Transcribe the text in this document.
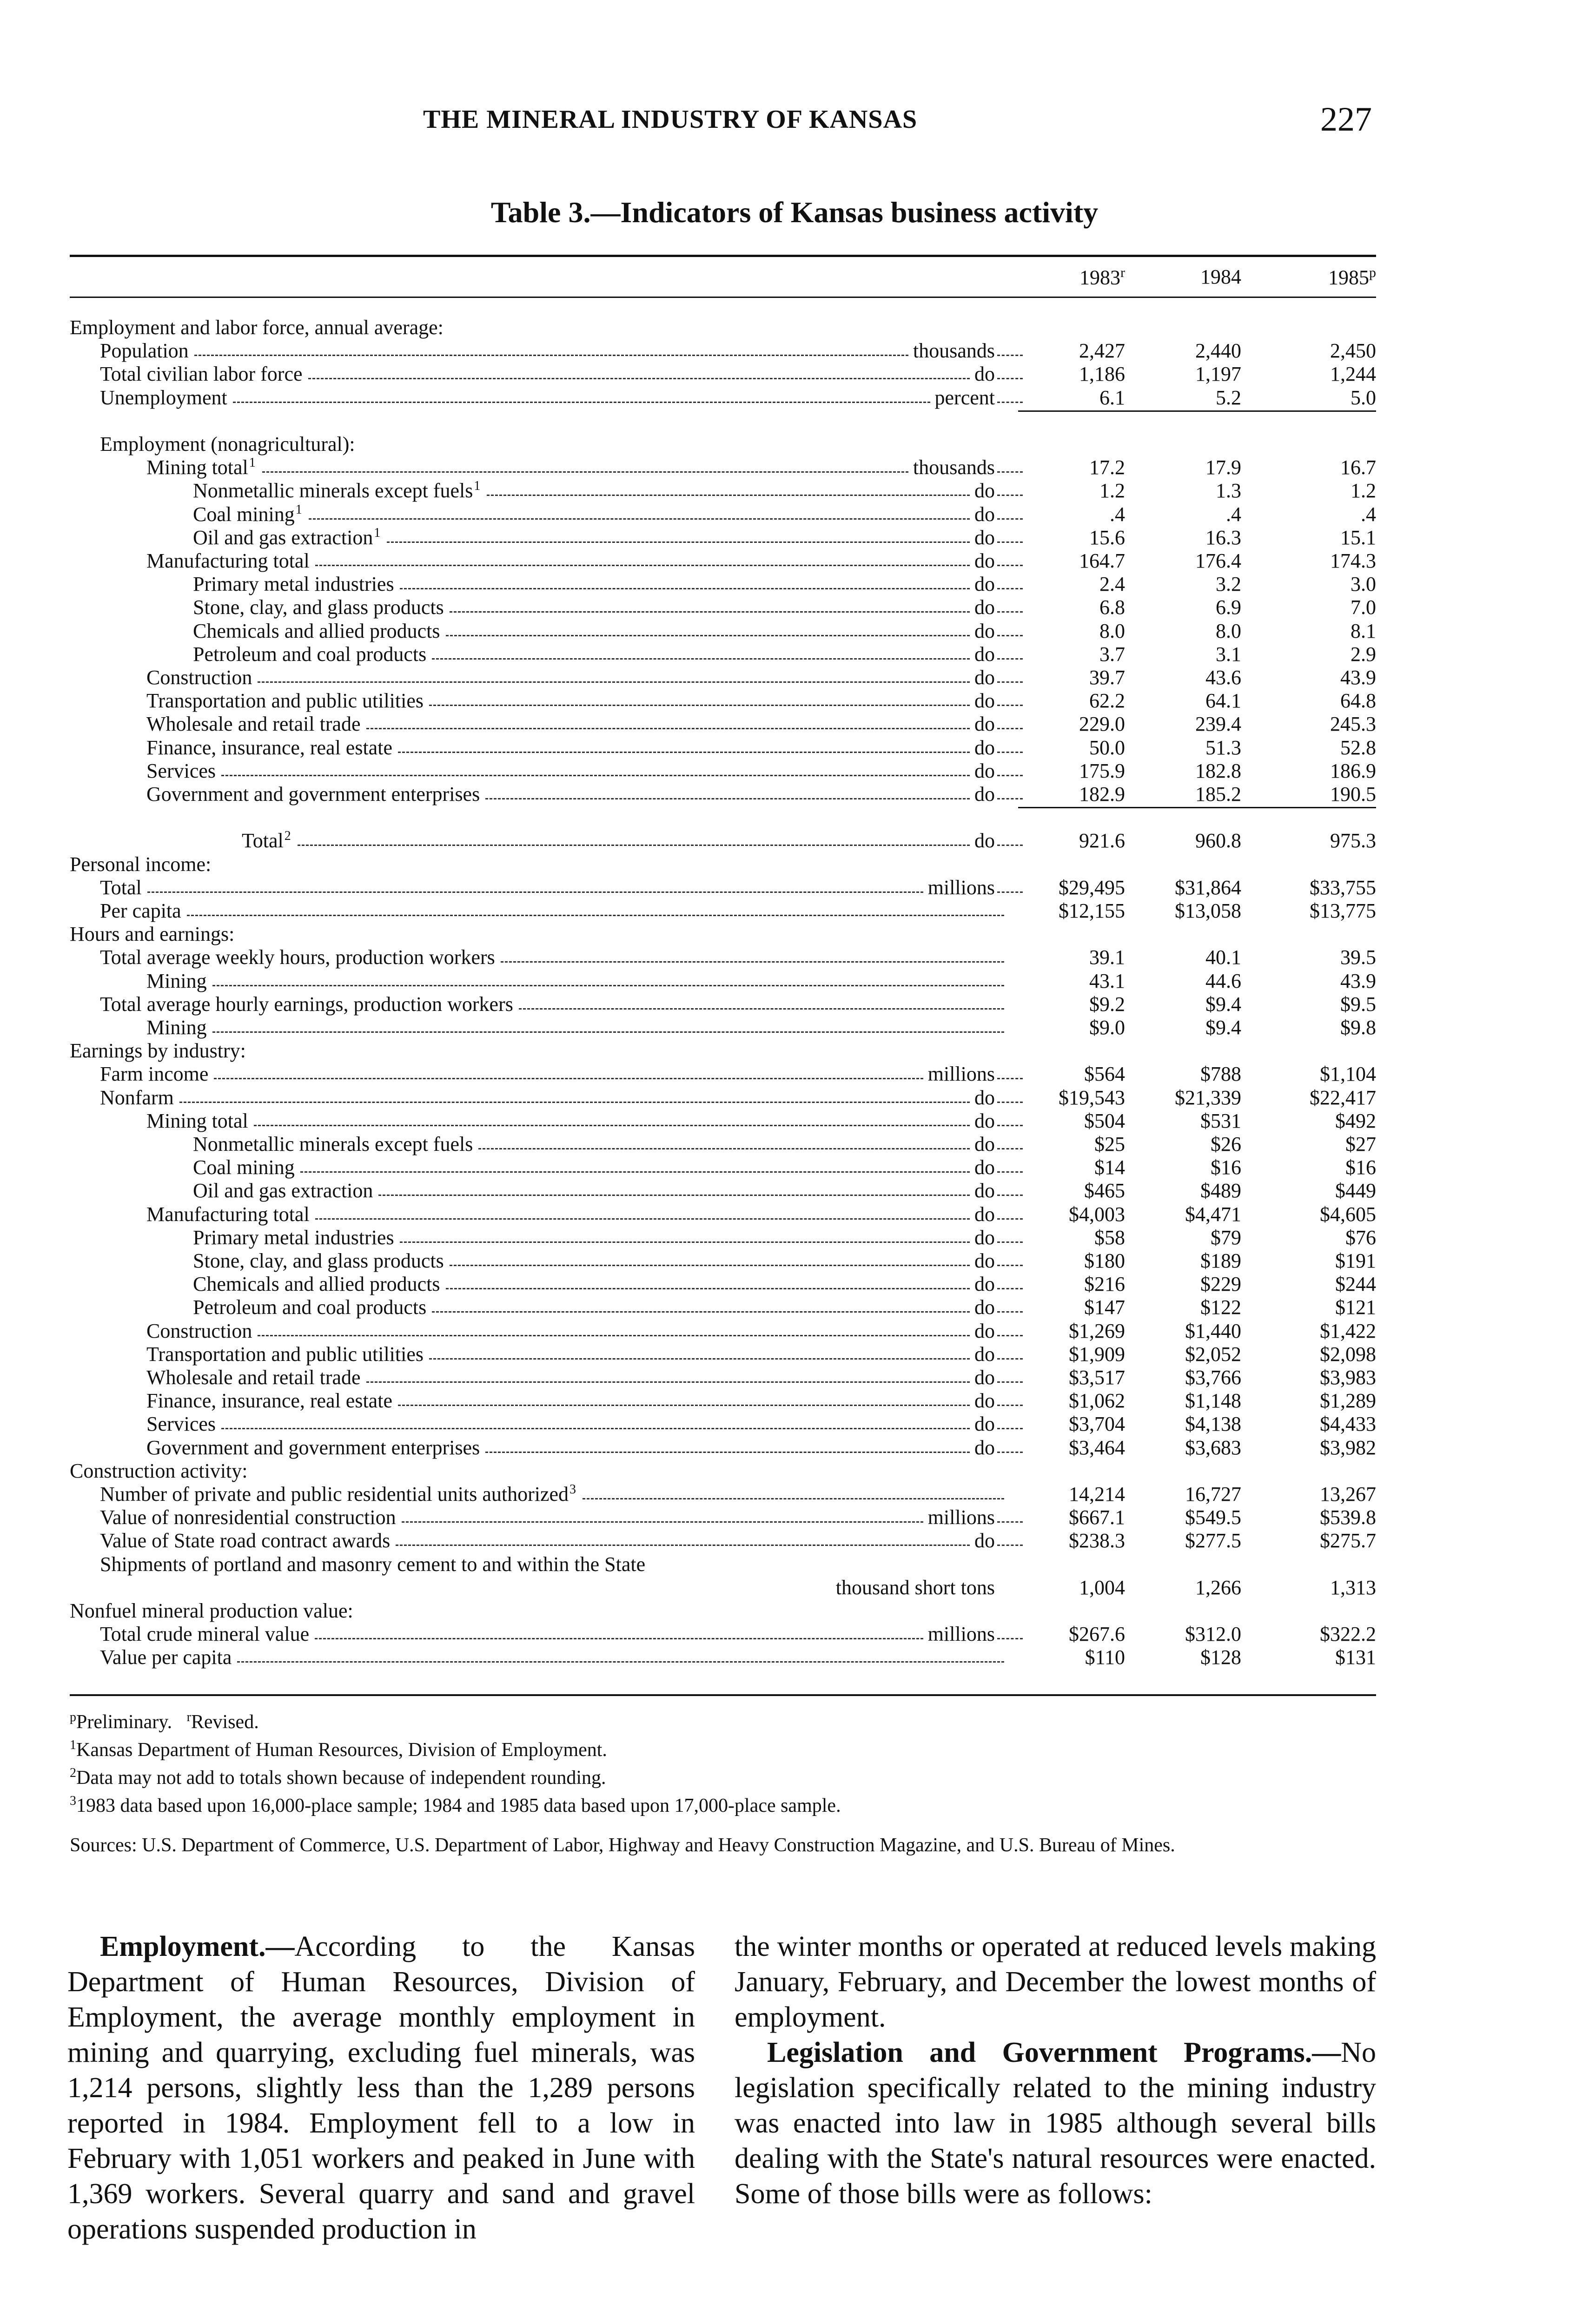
THE MINERAL INDUSTRY OF KANSAS	227
Table 3.—Indicators of Kansas business activity
1983$^r$	1984	1985$^p$
Employment and labor force, annual average:
Population	thousands	2,427	2,440	2,450
Total civilian labor force	do	1,186	1,197	1,244
Unemployment	percent	6.1	5.2	5.0
Employment (nonagricultural):
Mining total 1	thousands	17.2	17.9	16.7
Nonmetallic minerals except fuels 1	do	1.2	1.3	1.2
Coal mining 1	do	.4	.4	.4
Oil and gas extraction 1	do	15.6	16.3	15.1
Manufacturing total	do	164.7	176.4	174.3
Primary metal industries	do	2.4	3.2	3.0
Stone, clay, and glass products	do	6.8	6.9	7.0
Chemicals and allied products	do	8.0	8.0	8.1
Petroleum and coal products	do	3.7	3.1	2.9
Construction	do	39.7	43.6	43.9
Transportation and public utilities	do	62.2	64.1	64.8
Wholesale and retail trade	do	229.0	239.4	245.3
Finance, insurance, real estate	do	50.0	51.3	52.8
Services	do	175.9	182.8	186.9
Government and government enterprises	do	182.9	185.2	190.5
Total 2	do	921.6	960.8	975.3
Personal income:
Total	millions	$29,495	$31,864	$33,755
Per capita	$12,155	$13,058	$13,775
Hours and earnings:
Total average weekly hours, production workers	39.1	40.1	39.5
Mining	43.1	44.6	43.9
Total average hourly earnings, production workers	$9.2	$9.4	$9.5
Mining	$9.0	$9.4	$9.8
Earnings by industry:
Farm income	millions	$564	$788	$1,104
Nonfarm	do	$19,543	$21,339	$22,417
Mining total	do	$504	$531	$492
Nonmetallic minerals except fuels	do	$25	$26	$27
Coal mining	do	$14	$16	$16
Oil and gas extraction	do	$465	$489	$449
Manufacturing total	do	$4,003	$4,471	$4,605
Primary metal industries	do	$58	$79	$76
Stone, clay, and glass products	do	$180	$189	$191
Chemicals and allied products	do	$216	$229	$244
Petroleum and coal products	do	$147	$122	$121
Construction	do	$1,269	$1,440	$1,422
Transportation and public utilities	do	$1,909	$2,052	$2,098
Wholesale and retail trade	do	$3,517	$3,766	$3,983
Finance, insurance, real estate	do	$1,062	$1,148	$1,289
Services	do	$3,704	$4,138	$4,433
Government and government enterprises	do	$3,464	$3,683	$3,982
Construction activity:
Number of private and public residential units authorized 3	14,214	16,727	13,267
Value of nonresidential construction	millions	$667.1	$549.5	$539.8
Value of State road contract awards	do	$238.3	$277.5	$275.7
Shipments of portland and masonry cement to and within the State
thousand short tons	1,004	1,266	1,313
Nonfuel mineral production value:
Total crude mineral value	millions	$267.6	$312.0	$322.2
Value per capita	$110	$128	$131
$^p$Preliminary. $^r$Revised.
$^1$Kansas Department of Human Resources, Division of Employment.
$^2$Data may not add to totals shown because of independent rounding.
$^3$1983 data based upon 16,000-place sample; 1984 and 1985 data based upon 17,000-place sample.
Sources: U.S. Department of Commerce, U.S. Department of Labor, Highway and Heavy Construction Magazine, and U.S. Bureau of Mines.

Employment.—According to the Kansas Department of Human Resources, Division of Employment, the average monthly employment in mining and quarrying, excluding fuel minerals, was 1,214 persons, slightly less than the 1,289 persons reported in 1984. Employment fell to a low in February with 1,051 workers and peaked in June with 1,369 workers. Several quarry and sand and gravel operations suspended production in

the winter months or operated at reduced levels making January, February, and December the lowest months of employment.

Legislation and Government Programs.—No legislation specifically related to the mining industry was enacted into law in 1985 although several bills dealing with the State's natural resources were enacted. Some of those bills were as follows:
